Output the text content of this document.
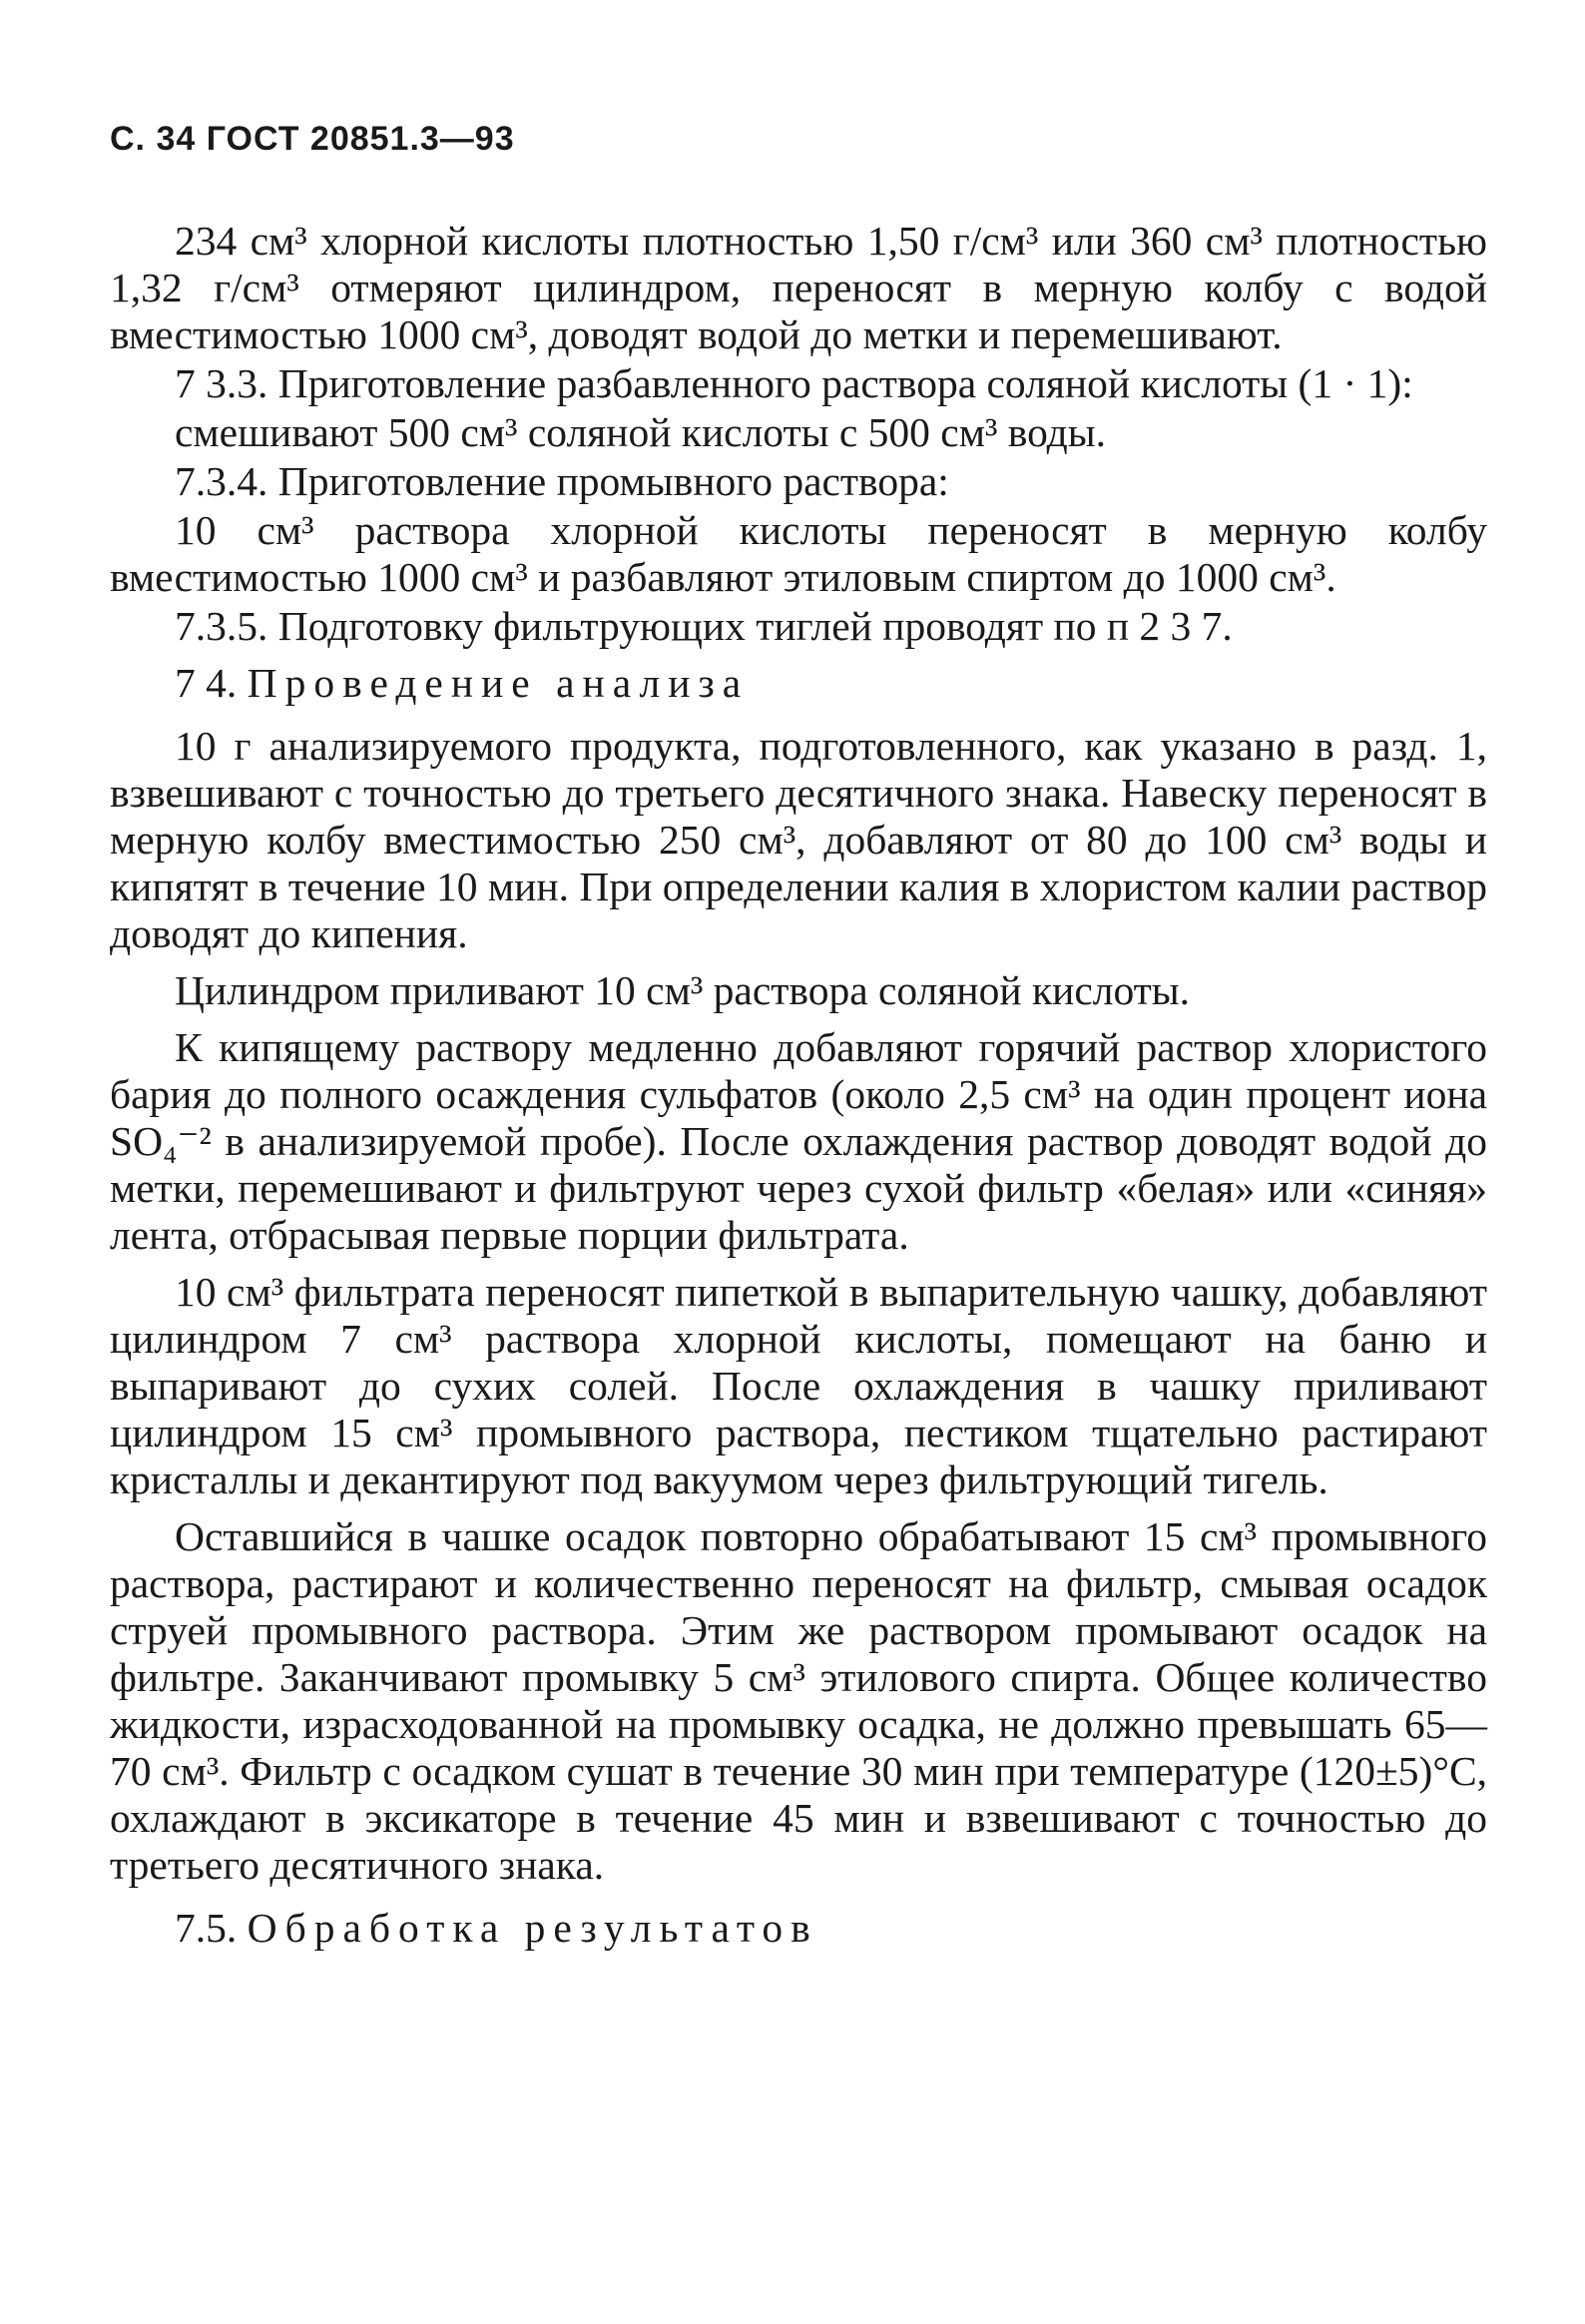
С. 34 ГОСТ 20851.3—93

234 см³ хлорной кислоты плотностью 1,50 г/см³ или 360 см³ плотностью 1,32 г/см³ отмеряют цилиндром, переносят в мерную колбу с водой вместимостью 1000 см³, доводят водой до метки и перемешивают.

7 3.3. Приготовление разбавленного раствора соляной кислоты (1 · 1):

смешивают 500 см³ соляной кислоты с 500 см³ воды.

7.3.4. Приготовление промывного раствора:

10 см³ раствора хлорной кислоты переносят в мерную колбу вместимостью 1000 см³ и разбавляют этиловым спиртом до 1000 см³.

7.3.5. Подготовку фильтрующих тиглей проводят по п 2 3 7.

7 4. Проведение анализа

10 г анализируемого продукта, подготовленного, как указано в разд. 1, взвешивают с точностью до третьего десятичного знака. Навеску переносят в мерную колбу вместимостью 250 см³, добавляют от 80 до 100 см³ воды и кипятят в течение 10 мин. При определении калия в хлористом калии раствор доводят до кипения.

Цилиндром приливают 10 см³ раствора соляной кислоты.

К кипящему раствору медленно добавляют горячий раствор хлористого бария до полного осаждения сульфатов (около 2,5 см³ на один процент иона SO₄⁻² в анализируемой пробе). После охлаждения раствор доводят водой до метки, перемешивают и фильтруют через сухой фильтр «белая» или «синяя» лента, отбрасывая первые порции фильтрата.

10 см³ фильтрата переносят пипеткой в выпарительную чашку, добавляют цилиндром 7 см³ раствора хлорной кислоты, помещают на баню и выпаривают до сухих солей. После охлаждения в чашку приливают цилиндром 15 см³ промывного раствора, пестиком тщательно растирают кристаллы и декантируют под вакуумом через фильтрующий тигель.

Оставшийся в чашке осадок повторно обрабатывают 15 см³ промывного раствора, растирают и количественно переносят на фильтр, смывая осадок струей промывного раствора. Этим же раствором промывают осадок на фильтре. Заканчивают промывку 5 см³ этилового спирта. Общее количество жидкости, израсходованной на промывку осадка, не должно превышать 65—70 см³. Фильтр с осадком сушат в течение 30 мин при температуре (120±5)°С, охлаждают в эксикаторе в течение 45 мин и взвешивают с точностью до третьего десятичного знака.

7.5. Обработка результатов
